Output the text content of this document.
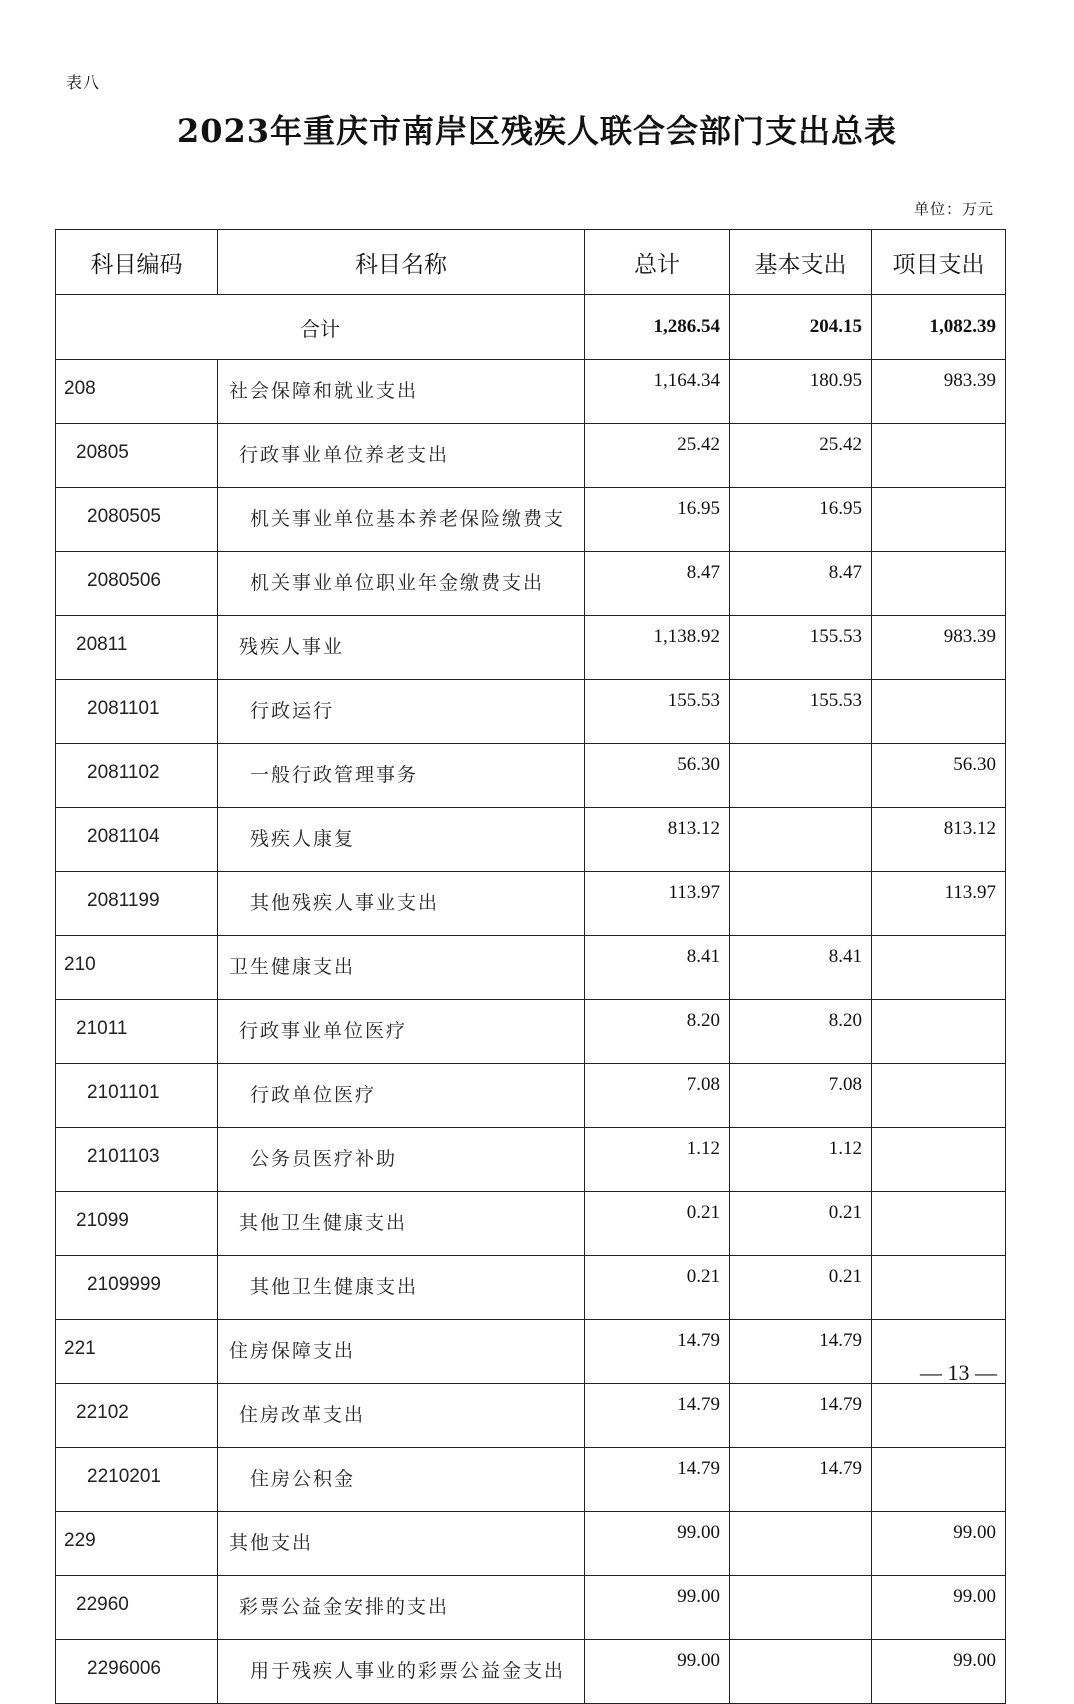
表八
2023年重庆市南岸区残疾人联合会部门支出总表
单位：万元
科目编码	科目名称	总计	基本支出	项目支出
合计		1,286.54	204.15	1,082.39
208	社会保障和就业支出	1,164.34	180.95	983.39
20805	行政事业单位养老支出	25.42	25.42	
2080505	机关事业单位基本养老保险缴费支	16.95	16.95	
2080506	机关事业单位职业年金缴费支出	8.47	8.47	
20811	残疾人事业	1,138.92	155.53	983.39
2081101	行政运行	155.53	155.53	
2081102	一般行政管理事务	56.30		56.30
2081104	残疾人康复	813.12		813.12
2081199	其他残疾人事业支出	113.97		113.97
210	卫生健康支出	8.41	8.41	
21011	行政事业单位医疗	8.20	8.20	
2101101	行政单位医疗	7.08	7.08	
2101103	公务员医疗补助	1.12	1.12	
21099	其他卫生健康支出	0.21	0.21	
2109999	其他卫生健康支出	0.21	0.21	
221	住房保障支出	14.79	14.79	
22102	住房改革支出	14.79	14.79	
2210201	住房公积金	14.79	14.79	
229	其他支出	99.00		99.00
22960	彩票公益金安排的支出	99.00		99.00
2296006	用于残疾人事业的彩票公益金支出	99.00		99.00
— 13 —
